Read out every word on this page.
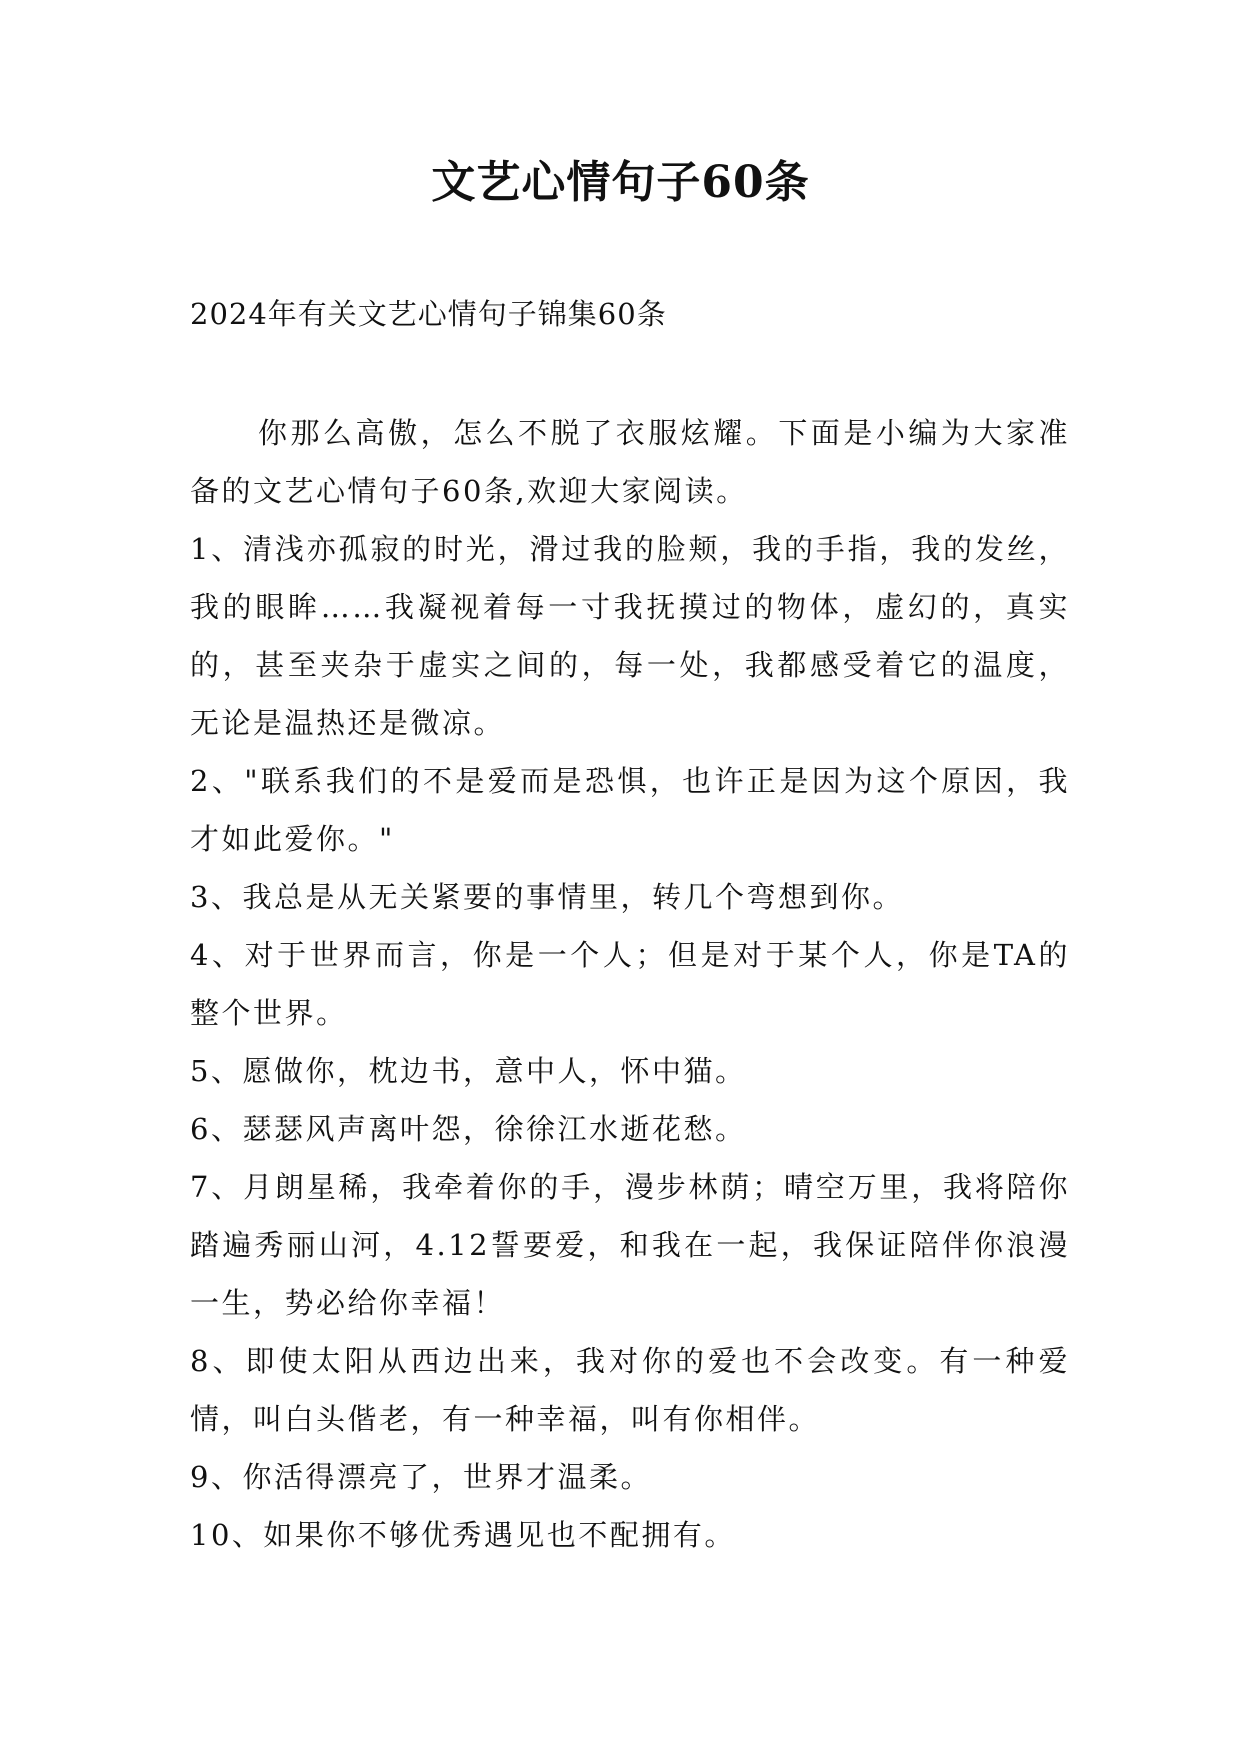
文艺心情句子60条

2024年有关文艺心情句子锦集60条

你那么高傲，怎么不脱了衣服炫耀。下面是小编为大家准备的文艺心情句子60条,欢迎大家阅读。

1、清浅亦孤寂的时光，滑过我的脸颊，我的手指，我的发丝，我的眼眸……我凝视着每一寸我抚摸过的物体，虚幻的，真实的，甚至夹杂于虚实之间的，每一处，我都感受着它的温度，无论是温热还是微凉。

2、"联系我们的不是爱而是恐惧，也许正是因为这个原因，我才如此爱你。"

3、我总是从无关紧要的事情里，转几个弯想到你。

4、对于世界而言，你是一个人；但是对于某个人，你是TA的整个世界。

5、愿做你，枕边书，意中人，怀中猫。

6、瑟瑟风声离叶怨，徐徐江水逝花愁。

7、月朗星稀，我牵着你的手，漫步林荫；晴空万里，我将陪你踏遍秀丽山河，4.12誓要爱，和我在一起，我保证陪伴你浪漫一生，势必给你幸福！

8、即使太阳从西边出来，我对你的爱也不会改变。有一种爱情，叫白头偕老，有一种幸福，叫有你相伴。

9、你活得漂亮了，世界才温柔。

10、如果你不够优秀遇见也不配拥有。
